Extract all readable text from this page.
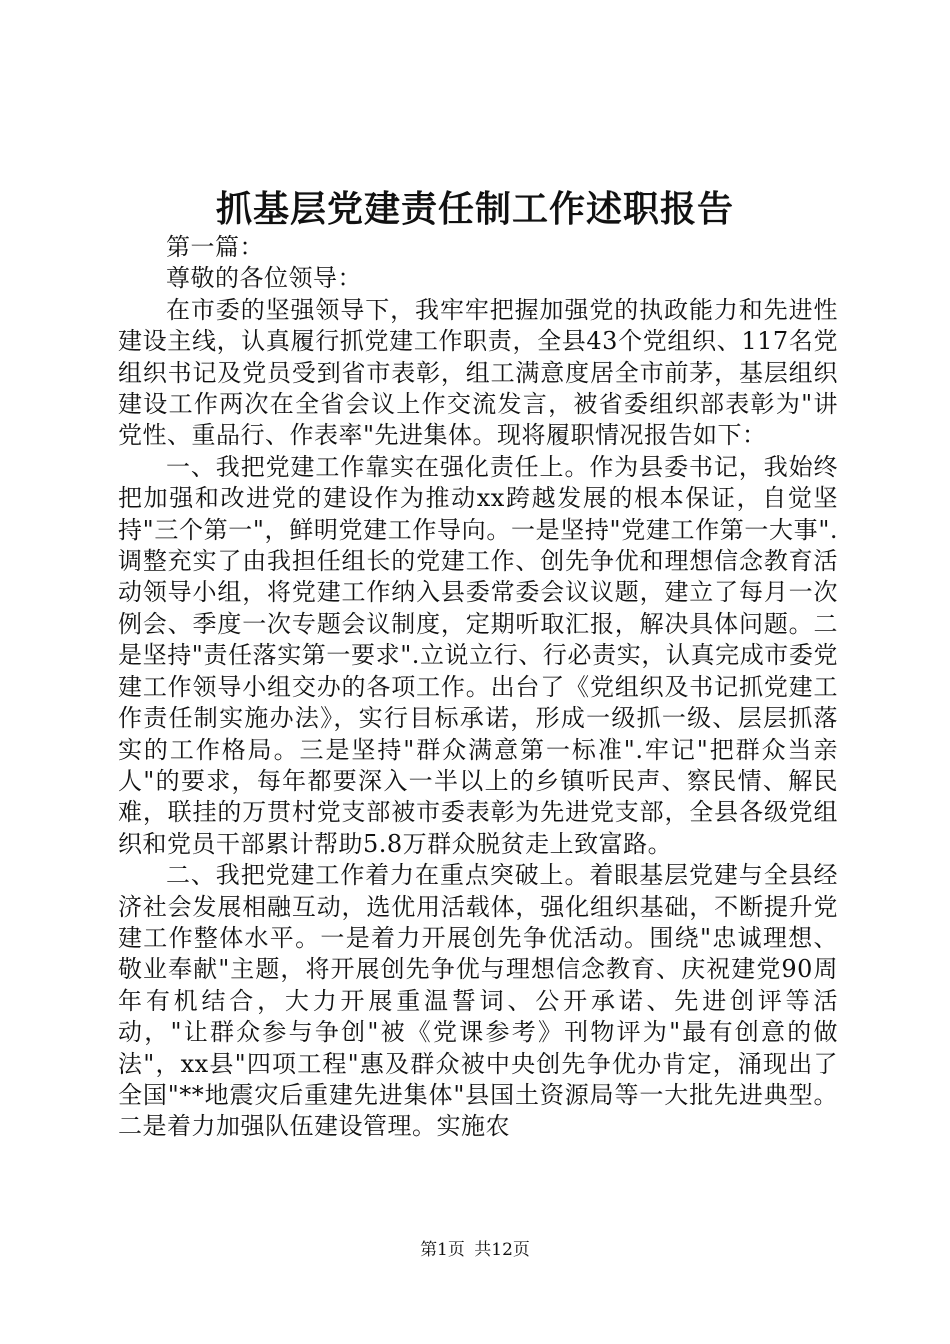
抓基层党建责任制工作述职报告

第一篇：

尊敬的各位领导：

在市委的坚强领导下，我牢牢把握加强党的执政能力和先进性建设主线，认真履行抓党建工作职责，全县43个党组织、117名党组织书记及党员受到省市表彰，组工满意度居全市前茅，基层组织建设工作两次在全省会议上作交流发言，被省委组织部表彰为"讲党性、重品行、作表率"先进集体。现将履职情况报告如下：

一、我把党建工作靠实在强化责任上。作为县委书记，我始终把加强和改进党的建设作为推动xx跨越发展的根本保证，自觉坚持"三个第一"，鲜明党建工作导向。一是坚持"党建工作第一大事".调整充实了由我担任组长的党建工作、创先争优和理想信念教育活动领导小组，将党建工作纳入县委常委会议议题，建立了每月一次例会、季度一次专题会议制度，定期听取汇报，解决具体问题。二是坚持"责任落实第一要求".立说立行、行必责实，认真完成市委党建工作领导小组交办的各项工作。出台了《党组织及书记抓党建工作责任制实施办法》，实行目标承诺，形成一级抓一级、层层抓落实的工作格局。三是坚持"群众满意第一标准".牢记"把群众当亲人"的要求，每年都要深入一半以上的乡镇听民声、察民情、解民难，联挂的万贯村党支部被市委表彰为先进党支部，全县各级党组织和党员干部累计帮助5.8万群众脱贫走上致富路。

二、我把党建工作着力在重点突破上。着眼基层党建与全县经济社会发展相融互动，选优用活载体，强化组织基础，不断提升党建工作整体水平。一是着力开展创先争优活动。围绕"忠诚理想、敬业奉献"主题，将开展创先争优与理想信念教育、庆祝建党90周年有机结合，大力开展重温誓词、公开承诺、先进创评等活动，"让群众参与争创"被《党课参考》刊物评为"最有创意的做法"，xx县"四项工程"惠及群众被中央创先争优办肯定，涌现出了全国"**地震灾后重建先进集体"县国土资源局等一大批先进典型。二是着力加强队伍建设管理。实施农

第1页 共12页
